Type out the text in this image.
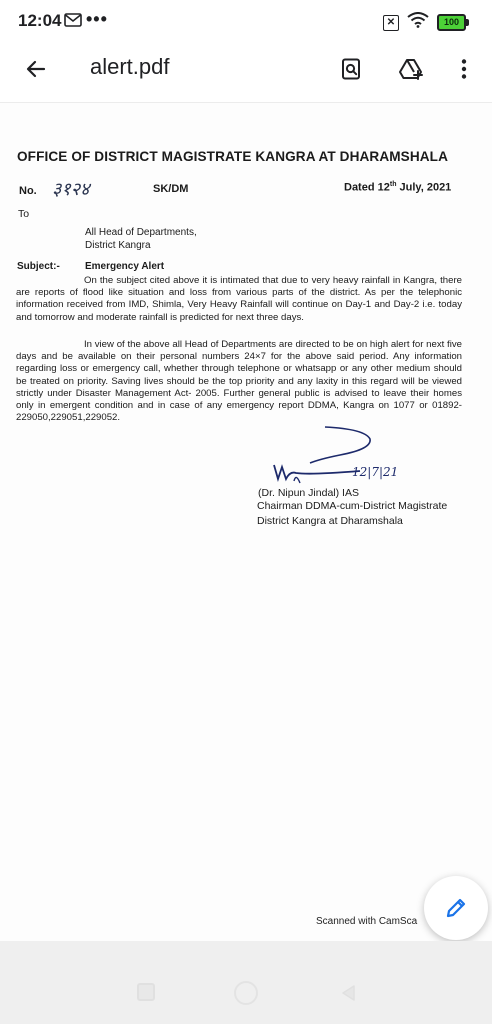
12:04 •••	✕	100
alert.pdf
OFFICE OF DISTRICT MAGISTRATE KANGRA AT DHARAMSHALA
No. ३१२४	SK/DM	Dated 12th July, 2021
To
All Head of Departments,
District Kangra
Subject:-	Emergency Alert
On the subject cited above it is intimated that due to very heavy rainfall in Kangra, there are reports of flood like situation and loss from various parts of the district. As per the telephonic information received from IMD, Shimla, Very Heavy Rainfall will continue on Day-1 and Day-2 i.e. today and tomorrow and moderate rainfall is predicted for next three days.
In view of the above all Head of Departments are directed to be on high alert for next five days and be available on their personal numbers 24×7 for the above said period. Any information regarding loss or emergency call, whether through telephone or whatsapp or any other medium should be treated on priority. Saving lives should be the top priority and any laxity in this regard will be viewed strictly under Disaster Management Act- 2005. Further general public is advised to leave their homes only in emergent condition and in case of any emergency report DDMA, Kangra on 1077 or 01892-229050,229051,229052.
12|7|21
(Dr. Nipun Jindal) IAS
Chairman DDMA-cum-District Magistrate
District Kangra at Dharamshala
Scanned with CamSca
